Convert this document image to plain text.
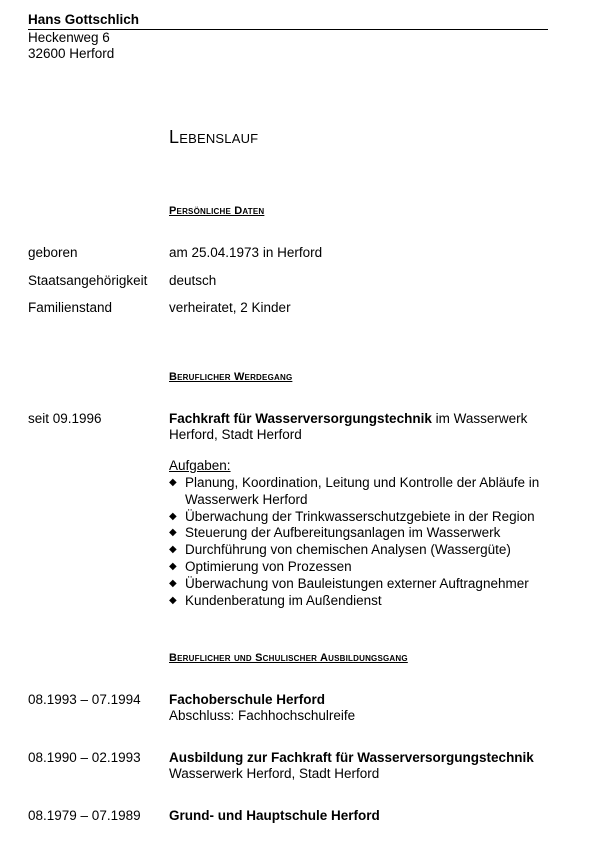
Hans Gottschlich
Heckenweg 6
32600 Herford
Lebenslauf
Persönliche Daten
geboren	am 25.04.1973 in Herford
Staatsangehörigkeit deutsch
Familienstand	verheiratet, 2 Kinder
Beruflicher Werdegang
seit 09.1996	Fachkraft für Wasserversorgungstechnik im Wasserwerk
Herford, Stadt Herford
Aufgaben:
◆ Planung, Koordination, Leitung und Kontrolle der Abläufe in
Wasserwerk Herford
◆ Überwachung der Trinkwasserschutzgebiete in der Region
◆ Steuerung der Aufbereitungsanlagen im Wasserwerk
◆ Durchführung von chemischen Analysen (Wassergüte)
◆ Optimierung von Prozessen
◆ Überwachung von Bauleistungen externer Auftragnehmer
◆ Kundenberatung im Außendienst
Beruflicher und Schulischer Ausbildungsgang
08.1993 – 07.1994 Fachoberschule Herford
Abschluss: Fachhochschulreife
08.1990 – 02.1993 Ausbildung zur Fachkraft für Wasserversorgungstechnik
Wasserwerk Herford, Stadt Herford
08.1979 – 07.1989 Grund- und Hauptschule Herford
